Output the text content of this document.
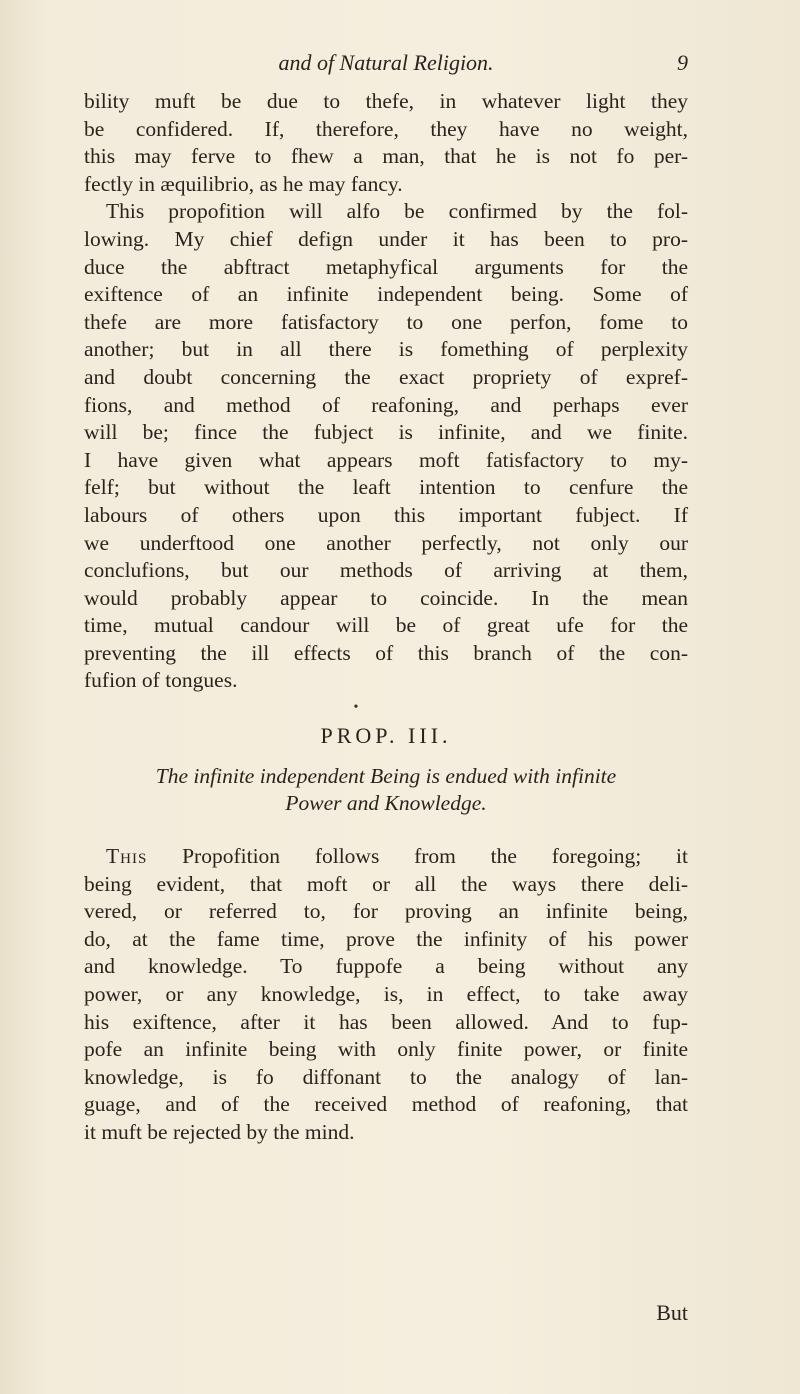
and of Natural Religion.	9

bility muft be due to thefe, in whatever light they
be confidered. If, therefore, they have no weight,
this may ferve to fhew a man, that he is not fo per-
fectly in æquilibrio, as he may fancy.
This propofition will alfo be confirmed by the fol-
lowing. My chief defign under it has been to pro-
duce the abftract metaphyfical arguments for the
exiftence of an infinite independent being. Some of
thefe are more fatisfactory to one perfon, fome to
another; but in all there is fomething of perplexity
and doubt concerning the exact propriety of expref-
fions, and method of reafoning, and perhaps ever
will be; fince the fubject is infinite, and we finite.
I have given what appears moft fatisfactory to my-
felf; but without the leaft intention to cenfure the
labours of others upon this important fubject. If
we underftood one another perfectly, not only our
conclufions, but our methods of arriving at them,
would probably appear to coincide. In the mean
time, mutual candour will be of great ufe for the
preventing the ill effects of this branch of the con-
fufion of tongues.

•
PROP. III.
The infinite independent Being is endued with infinite
Power and Knowledge.

This Propofition follows from the foregoing; it
being evident, that moft or all the ways there deli-
vered, or referred to, for proving an infinite being,
do, at the fame time, prove the infinity of his power
and knowledge. To fuppofe a being without any
power, or any knowledge, is, in effect, to take away
his exiftence, after it has been allowed. And to fup-
pofe an infinite being with only finite power, or finite
knowledge, is fo diffonant to the analogy of lan-
guage, and of the received method of reafoning, that
it muft be rejected by the mind.

But
